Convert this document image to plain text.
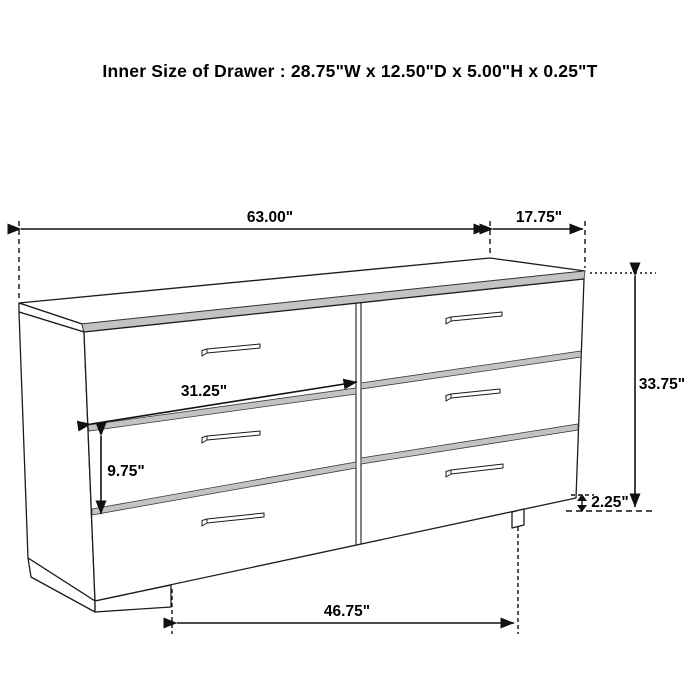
Inner Size of Drawer : 28.75"W x 12.50"D x 5.00"H x 0.25"T
63.00"	17.75"
33.75"
2.25"
31.25"
9.75"
46.75"
